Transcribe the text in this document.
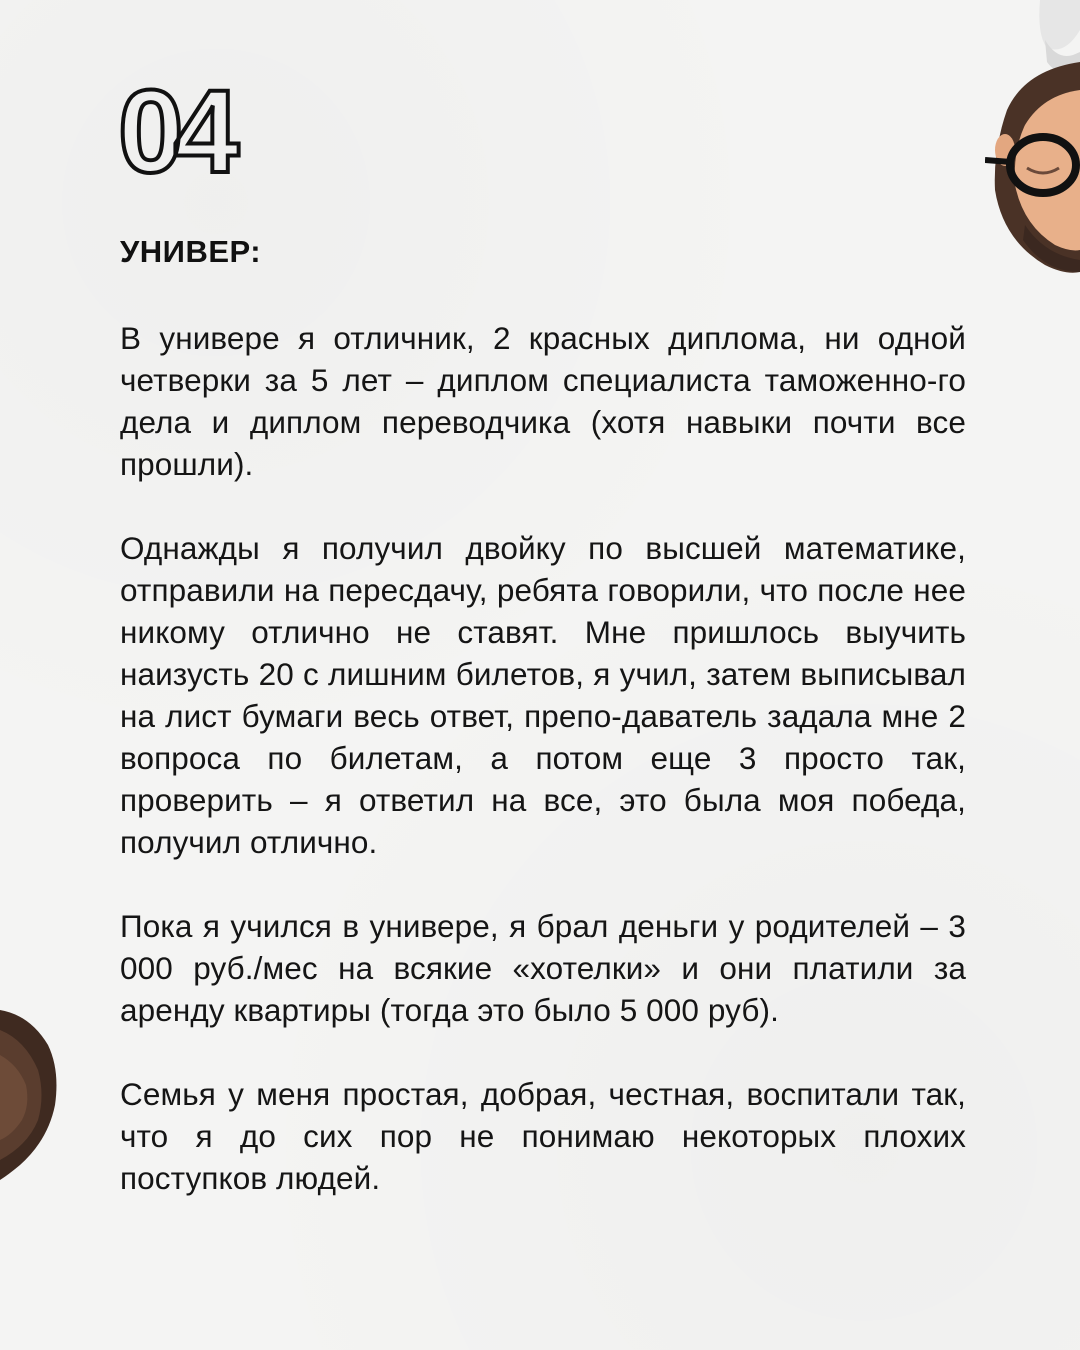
04
УНИВЕР:

В универе я отличник, 2 красных диплома, ни одной четверки за 5 лет – диплом специалиста таможенно-го дела и диплом переводчика (хотя навыки почти все прошли).

Однажды я получил двойку по высшей математике, отправили на пересдачу, ребята говорили, что после нее никому отлично не ставят. Мне пришлось выучить наизусть 20 с лишним билетов, я учил, затем выписывал на лист бумаги весь ответ, препо-даватель задала мне 2 вопроса по билетам, а потом еще 3 просто так, проверить – я ответил на все, это была моя победа, получил отлично.

Пока я учился в универе, я брал деньги у родителей – 3 000 руб./мес на всякие «хотелки» и они платили за аренду квартиры (тогда это было 5 000 руб).

Семья у меня простая, добрая, честная, воспитали так, что я до сих пор не понимаю некоторых плохих поступков людей.
